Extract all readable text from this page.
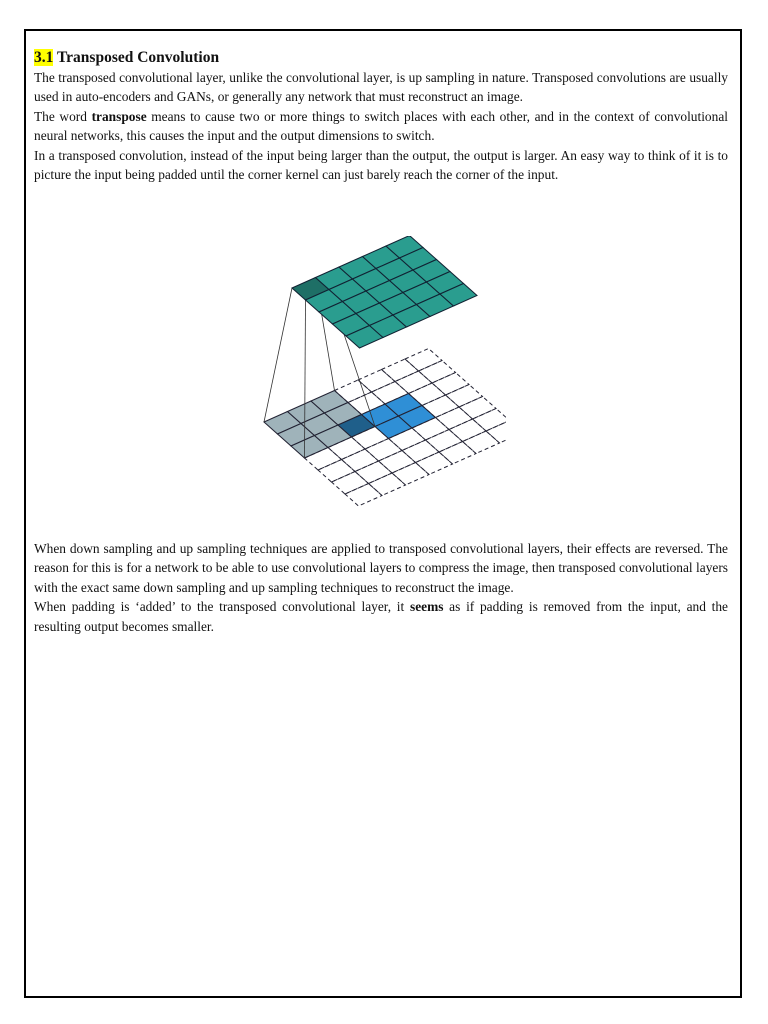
3.1 Transposed Convolution

The transposed convolutional layer, unlike the convolutional layer, is up sampling in nature. Transposed convolutions are usually used in auto-encoders and GANs, or generally any network that must reconstruct an image.

The word transpose means to cause two or more things to switch places with each other, and in the context of convolutional neural networks, this causes the input and the output dimensions to switch.

In a transposed convolution, instead of the input being larger than the output, the output is larger. An easy way to think of it is to picture the input being padded until the corner kernel can just barely reach the corner of the input.

When down sampling and up sampling techniques are applied to transposed convolutional layers, their effects are reversed. The reason for this is for a network to be able to use convolutional layers to compress the image, then transposed convolutional layers with the exact same down sampling and up sampling techniques to reconstruct the image.

When padding is ‘added’ to the transposed convolutional layer, it seems as if padding is removed from the input, and the resulting output becomes smaller.
